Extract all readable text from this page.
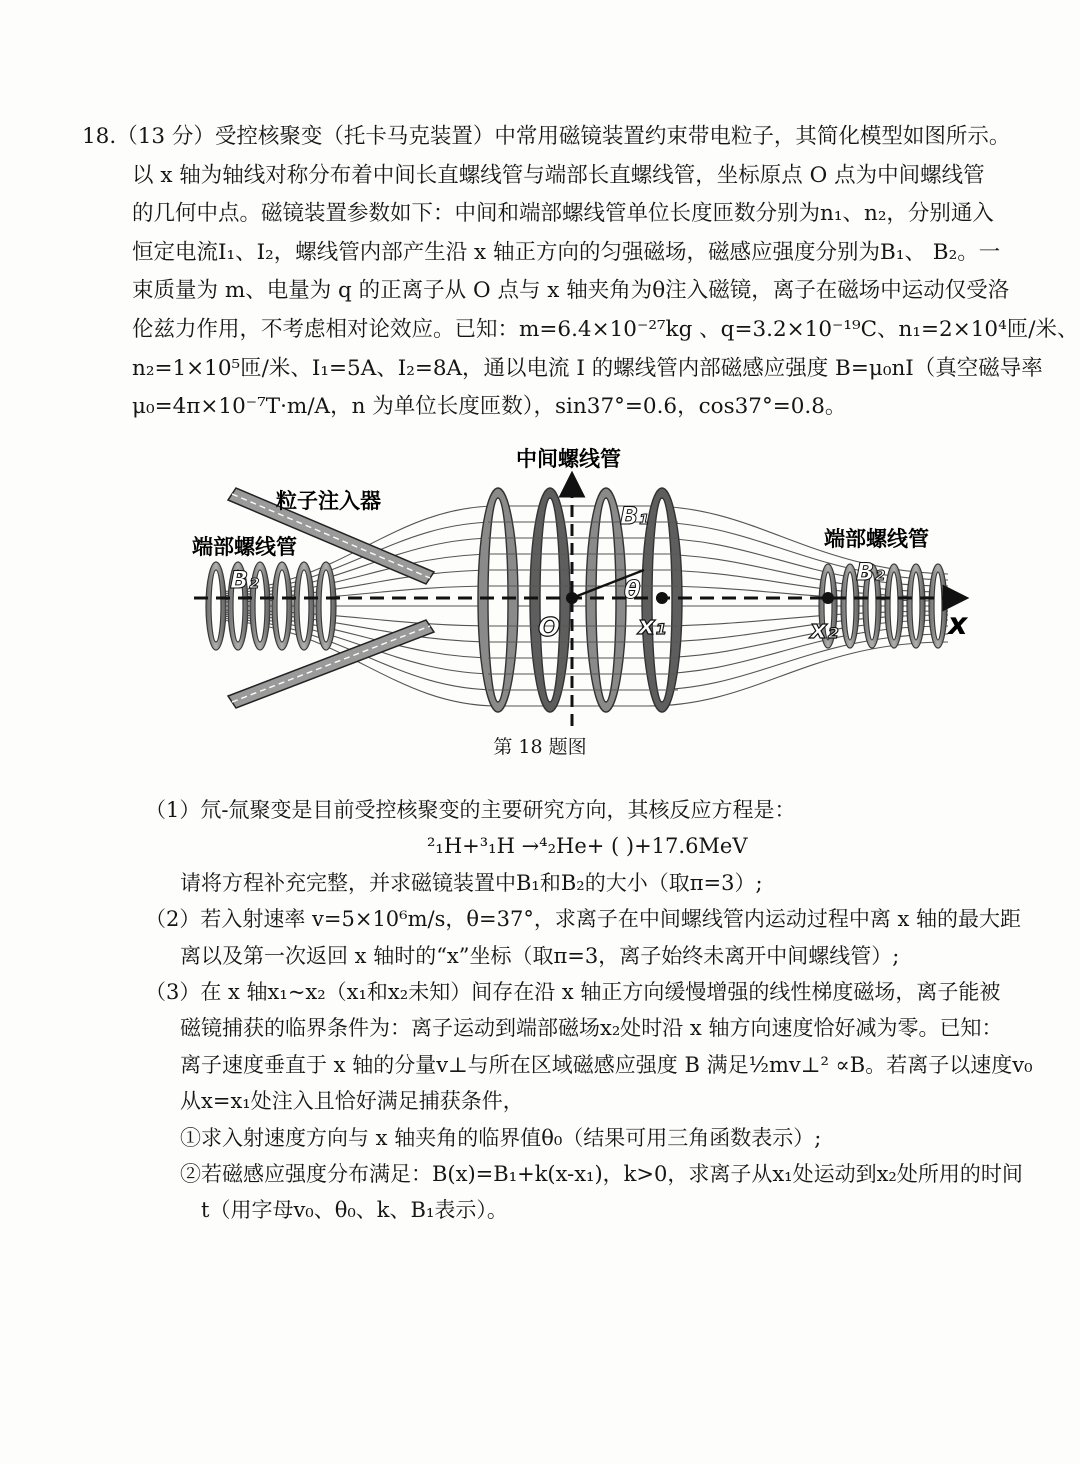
18.（13 分）受控核聚变（托卡马克装置）中常用磁镜装置约束带电粒子，其简化模型如图所示。
以 x 轴为轴线对称分布着中间长直螺线管与端部长直螺线管，坐标原点 O 点为中间螺线管
的几何中点。磁镜装置参数如下：中间和端部螺线管单位长度匝数分别为n₁、n₂，分别通入
恒定电流I₁、I₂，螺线管内部产生沿 x 轴正方向的匀强磁场，磁感应强度分别为B₁、 B₂。一
束质量为 m、电量为 q 的正离子从 O 点与 x 轴夹角为θ注入磁镜，离子在磁场中运动仅受洛
伦兹力作用，不考虑相对论效应。已知：m=6.4×10⁻²⁷kg 、q=3.2×10⁻¹⁹C、n₁=2×10⁴匝/米、
n₂=1×10⁵匝/米、I₁=5A、I₂=8A，通以电流 I 的螺线管内部磁感应强度 B=μ₀nI（真空磁导率
μ₀=4π×10⁻⁷T·m/A，n 为单位长度匝数），sin37°=0.6，cos37°=0.8。
中间螺线管
粒子注入器
端部螺线管	端部螺线管
B₁
B₂	B₂
O
θ
x₁	x₂	x
第 18 题图
（1）氘-氚聚变是目前受控核聚变的主要研究方向，其核反应方程是：
²₁H+³₁H →⁴₂He+ ( )+17.6MeV
请将方程补充完整，并求磁镜装置中B₁和B₂的大小（取π=3）;
（2）若入射速率 v=5×10⁶m/s，θ=37°，求离子在中间螺线管内运动过程中离 x 轴的最大距
离以及第一次返回 x 轴时的“x”坐标（取π=3，离子始终未离开中间螺线管）;
（3）在 x 轴x₁~x₂（x₁和x₂未知）间存在沿 x 轴正方向缓慢增强的线性梯度磁场，离子能被
磁镜捕获的临界条件为：离子运动到端部磁场x₂处时沿 x 轴方向速度恰好减为零。已知：
离子速度垂直于 x 轴的分量v⊥与所在区域磁感应强度 B 满足½mv⊥² ∝B。若离子以速度v₀
从x=x₁处注入且恰好满足捕获条件，
①求入射速度方向与 x 轴夹角的临界值θ₀（结果可用三角函数表示）;
②若磁感应强度分布满足：B(x)=B₁+k(x-x₁)，k>0，求离子从x₁处运动到x₂处所用的时间
t（用字母v₀、θ₀、k、B₁表示）。
